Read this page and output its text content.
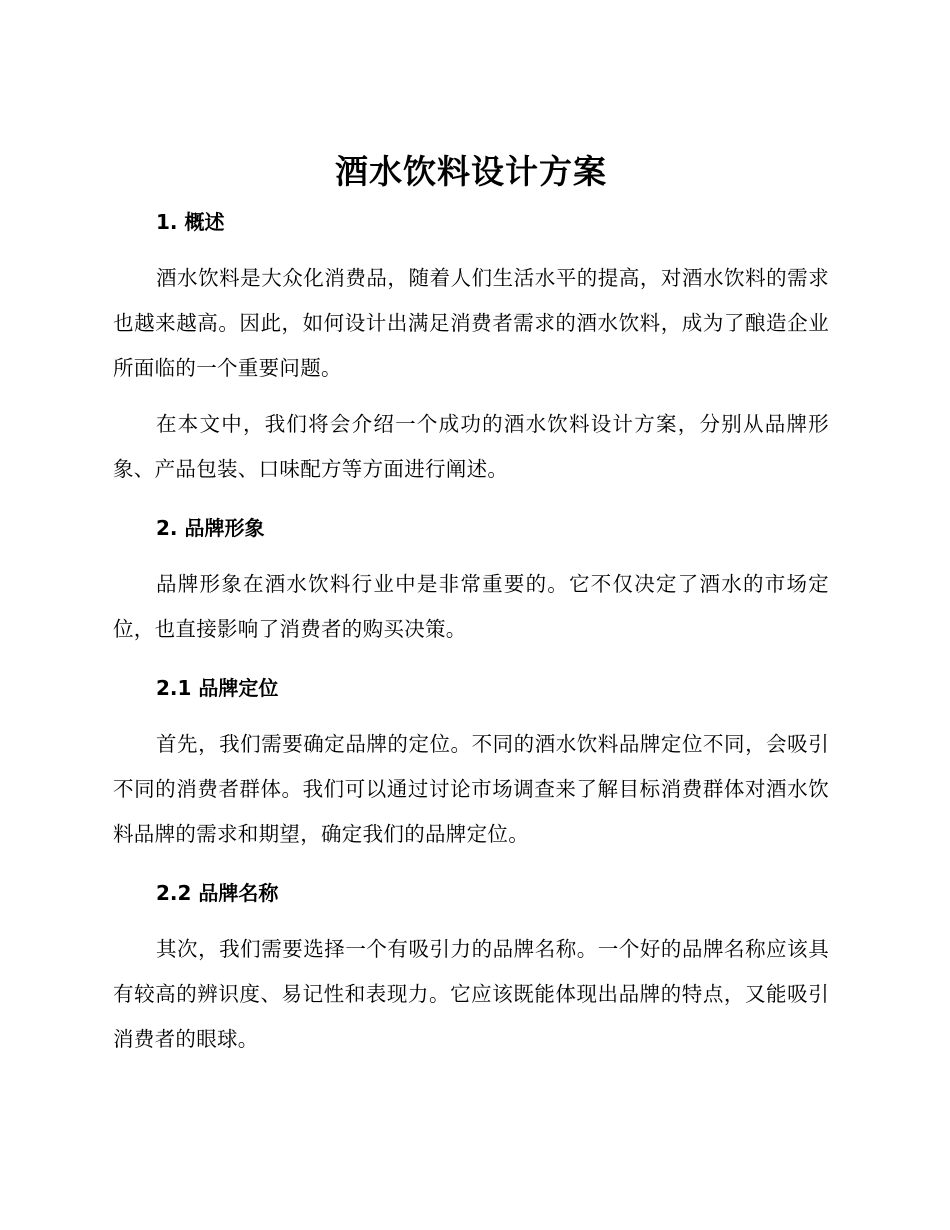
酒水饮料设计方案
1. 概述
酒水饮料是大众化消费品，随着人们生活水平的提高，对酒水饮料的需求也越来越高。因此，如何设计出满足消费者需求的酒水饮料，成为了酿造企业所面临的一个重要问题。
在本文中，我们将会介绍一个成功的酒水饮料设计方案，分别从品牌形象、产品包装、口味配方等方面进行阐述。
2. 品牌形象
品牌形象在酒水饮料行业中是非常重要的。它不仅决定了酒水的市场定位，也直接影响了消费者的购买决策。
2.1 品牌定位
首先，我们需要确定品牌的定位。不同的酒水饮料品牌定位不同，会吸引不同的消费者群体。我们可以通过讨论市场调查来了解目标消费群体对酒水饮料品牌的需求和期望，确定我们的品牌定位。
2.2 品牌名称
其次，我们需要选择一个有吸引力的品牌名称。一个好的品牌名称应该具有较高的辨识度、易记性和表现力。它应该既能体现出品牌的特点，又能吸引消费者的眼球。
